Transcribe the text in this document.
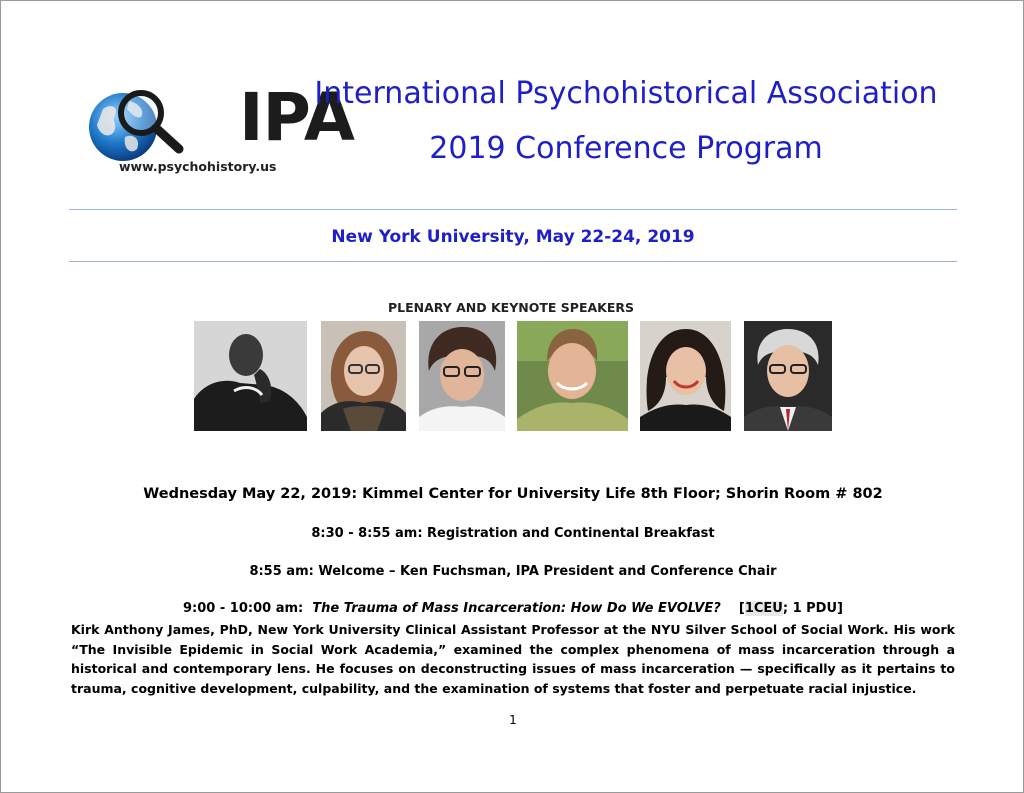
IPA
www.psychohistory.us
International Psychohistorical Association
2019 Conference Program
New York University, May 22-24, 2019
PLENARY AND KEYNOTE SPEAKERS
Wednesday May 22, 2019: Kimmel Center for University Life 8th Floor; Shorin Room # 802
8:30 - 8:55 am: Registration and Continental Breakfast
8:55 am: Welcome – Ken Fuchsman, IPA President and Conference Chair
9:00 - 10:00 am: The Trauma of Mass Incarceration: How Do We EVOLVE? [1CEU; 1 PDU]
Kirk Anthony James, PhD, New York University Clinical Assistant Professor at the NYU Silver School of Social Work. His work “The Invisible Epidemic in Social Work Academia,” examined the complex phenomena of mass incarceration through a historical and contemporary lens. He focuses on deconstructing issues of mass incarceration — specifically as it pertains to trauma, cognitive development, culpability, and the examination of systems that foster and perpetuate racial injustice.
1
